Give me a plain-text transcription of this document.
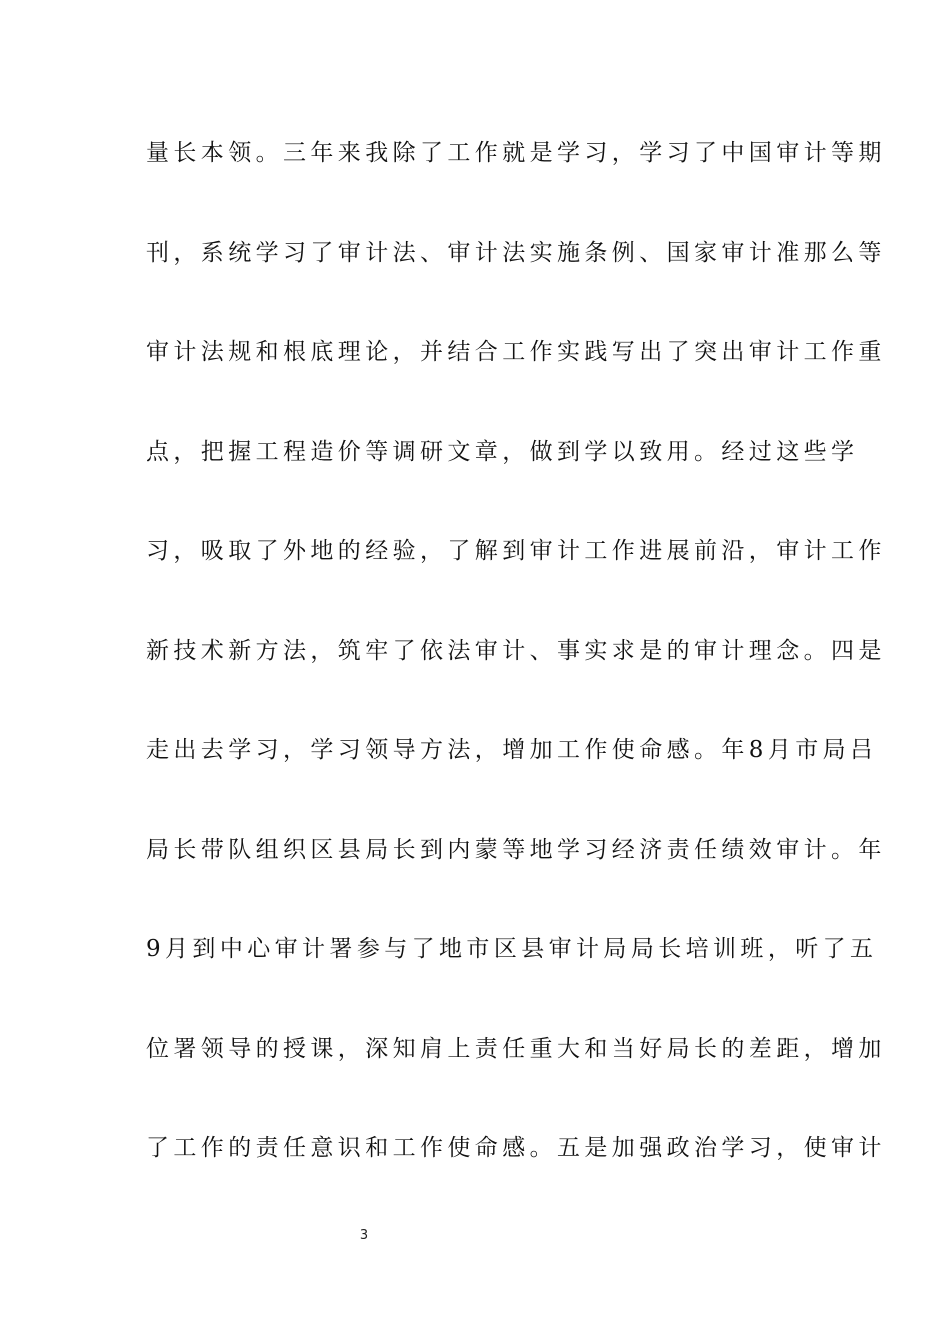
量长本领。三年来我除了工作就是学习，学习了中国审计等期
刊，系统学习了审计法、审计法实施条例、国家审计准那么等
审计法规和根底理论，并结合工作实践写出了突出审计工作重
点，把握工程造价等调研文章，做到学以致用。经过这些学
习，吸取了外地的经验，了解到审计工作进展前沿，审计工作
新技术新方法，筑牢了依法审计、事实求是的审计理念。四是
走出去学习，学习领导方法，增加工作使命感。年8月市局吕
局长带队组织区县局长到内蒙等地学习经济责任绩效审计。年
9月到中心审计署参与了地市区县审计局局长培训班，听了五
位署领导的授课，深知肩上责任重大和当好局长的差距，增加
了工作的责任意识和工作使命感。五是加强政治学习，使审计
3
